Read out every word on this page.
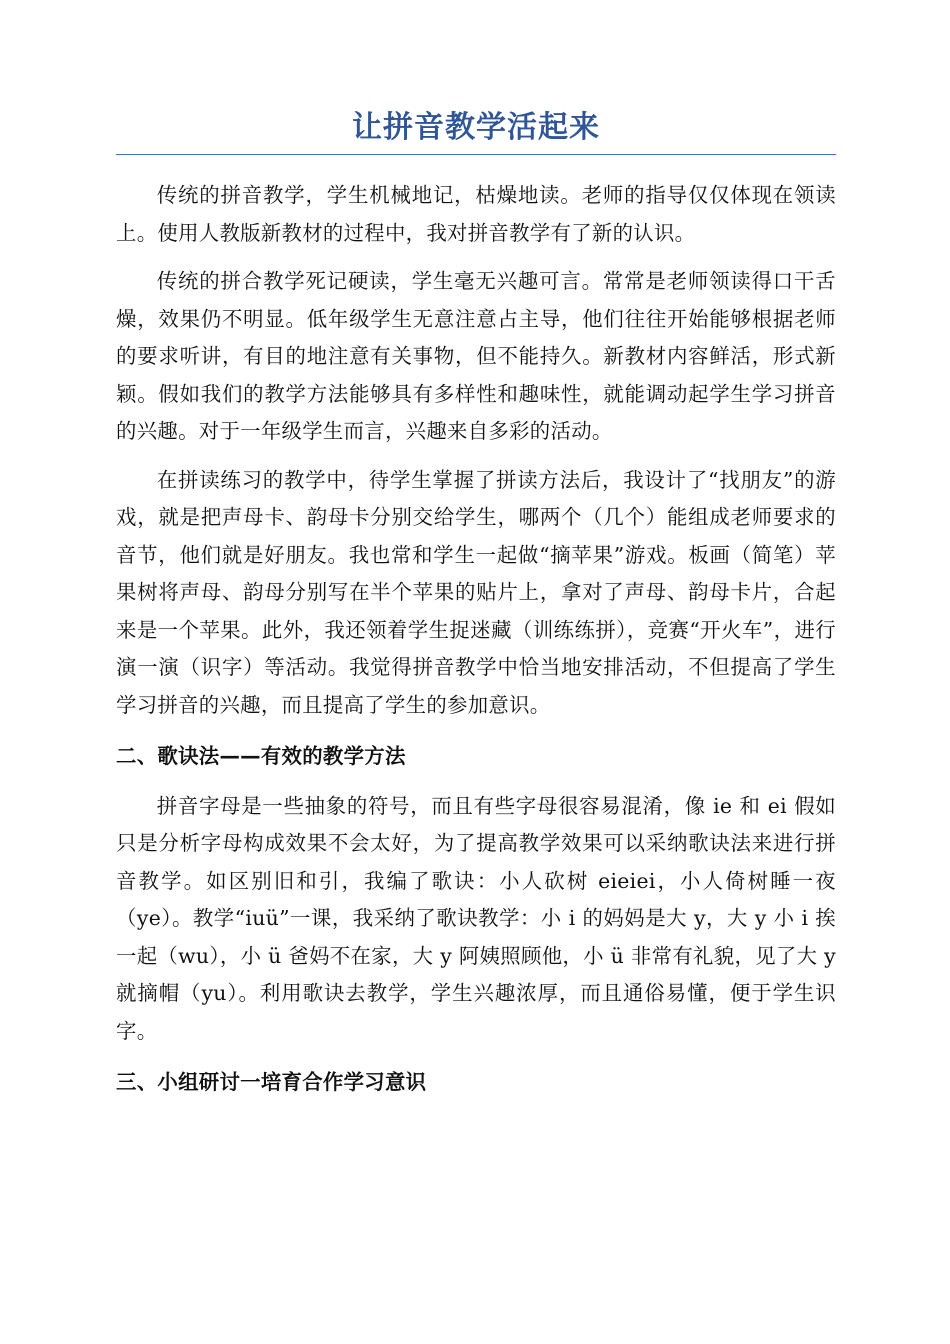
让拼音教学活起来

传统的拼音教学，学生机械地记，枯燥地读。老师的指导仅仅体现在领读上。使用人教版新教材的过程中，我对拼音教学有了新的认识。

传统的拼合教学死记硬读，学生毫无兴趣可言。常常是老师领读得口干舌燥，效果仍不明显。低年级学生无意注意占主导，他们往往开始能够根据老师的要求听讲，有目的地注意有关事物，但不能持久。新教材内容鲜活，形式新颖。假如我们的教学方法能够具有多样性和趣味性，就能调动起学生学习拼音的兴趣。对于一年级学生而言，兴趣来自多彩的活动。

在拼读练习的教学中，待学生掌握了拼读方法后，我设计了“找朋友”的游戏，就是把声母卡、韵母卡分别交给学生，哪两个（几个）能组成老师要求的音节，他们就是好朋友。我也常和学生一起做“摘苹果”游戏。板画（简笔）苹果树将声母、韵母分别写在半个苹果的贴片上，拿对了声母、韵母卡片，合起来是一个苹果。此外，我还领着学生捉迷藏（训练练拼），竞赛“开火车”，进行演一演（识字）等活动。我觉得拼音教学中恰当地安排活动，不但提高了学生学习拼音的兴趣，而且提高了学生的参加意识。

二、歌诀法——有效的教学方法

拼音字母是一些抽象的符号，而且有些字母很容易混淆，像 ie 和 ei 假如只是分析字母构成效果不会太好，为了提高教学效果可以采纳歌诀法来进行拼音教学。如区别旧和引，我编了歌诀：小人砍树 eieiei，小人倚树睡一夜（ye）。教学“iuü”一课，我采纳了歌诀教学：小 i 的妈妈是大 y，大 y 小 i 挨一起（wu），小 ü 爸妈不在家，大 y 阿姨照顾他，小 ü 非常有礼貌，见了大 y 就摘帽（yu）。利用歌诀去教学，学生兴趣浓厚，而且通俗易懂，便于学生识字。

三、小组研讨一培育合作学习意识
